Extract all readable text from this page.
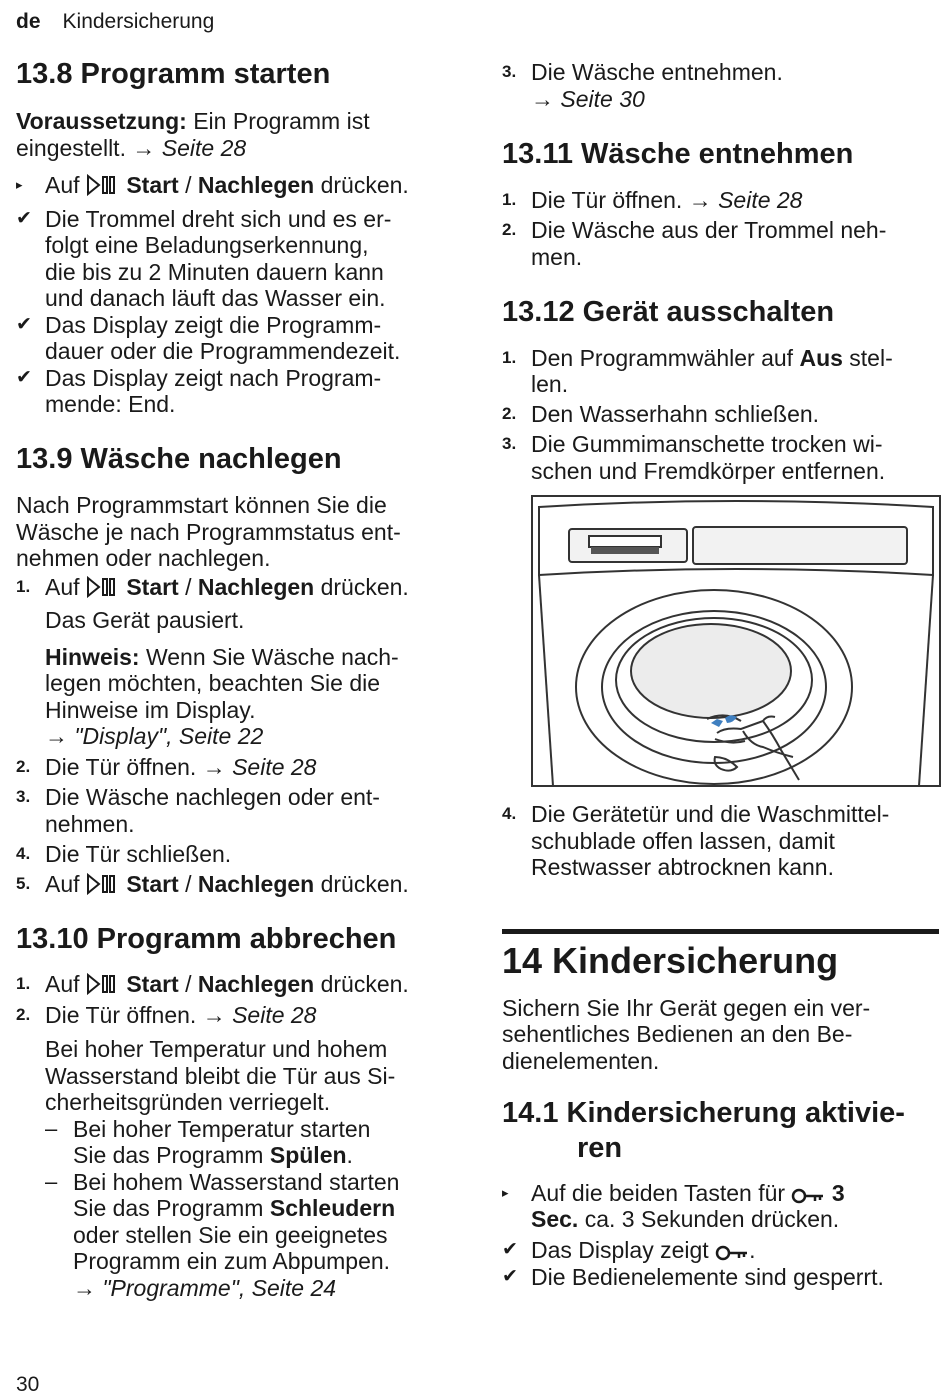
de Kindersicherung
13.8 Programm starten
Voraussetzung: Ein Programm ist
eingestellt. → Seite 28
▸ Auf  Start / Nachlegen drücken.
✔ Die Trommel dreht sich und es er-
folgt eine Beladungserkennung,
die bis zu 2 Minuten dauern kann
und danach läuft das Wasser ein.
✔ Das Display zeigt die Programm-
dauer oder die Programmendezeit.
✔ Das Display zeigt nach Program-
mende: End.
13.9 Wäsche nachlegen
Nach Programmstart können Sie die
Wäsche je nach Programmstatus ent-
nehmen oder nachlegen.
1. Auf  Start / Nachlegen drücken.
Das Gerät pausiert.
Hinweis: Wenn Sie Wäsche nach-
legen möchten, beachten Sie die
Hinweise im Display.
→ "Display", Seite 22
2. Die Tür öffnen. → Seite 28
3. Die Wäsche nachlegen oder ent-
nehmen.
4. Die Tür schließen.
5. Auf  Start / Nachlegen drücken.
13.10 Programm abbrechen
1. Auf  Start / Nachlegen drücken.
2. Die Tür öffnen. → Seite 28
Bei hoher Temperatur und hohem
Wasserstand bleibt die Tür aus Si-
cherheitsgründen verriegelt.
– Bei hoher Temperatur starten
Sie das Programm Spülen.
– Bei hohem Wasserstand starten
Sie das Programm Schleudern
oder stellen Sie ein geeignetes
Programm ein zum Abpumpen.
→ "Programme", Seite 24
3. Die Wäsche entnehmen.
→ Seite 30
13.11 Wäsche entnehmen
1. Die Tür öffnen. → Seite 28
2. Die Wäsche aus der Trommel neh-
men.
13.12 Gerät ausschalten
1. Den Programmwähler auf Aus stel-
len.
2. Den Wasserhahn schließen.
3. Die Gummimanschette trocken wi-
schen und Fremdkörper entfernen.
4. Die Gerätetür und die Waschmittel-
schublade offen lassen, damit
Restwasser abtrocknen kann.
14 Kindersicherung
Sichern Sie Ihr Gerät gegen ein ver-
sehentliches Bedienen an den Be-
dienelementen.
14.1 Kindersicherung aktivie-
ren
▸ Auf die beiden Tasten für  3
Sec. ca. 3 Sekunden drücken.
✔ Das Display zeigt .
✔ Die Bedienelemente sind gesperrt.
30
